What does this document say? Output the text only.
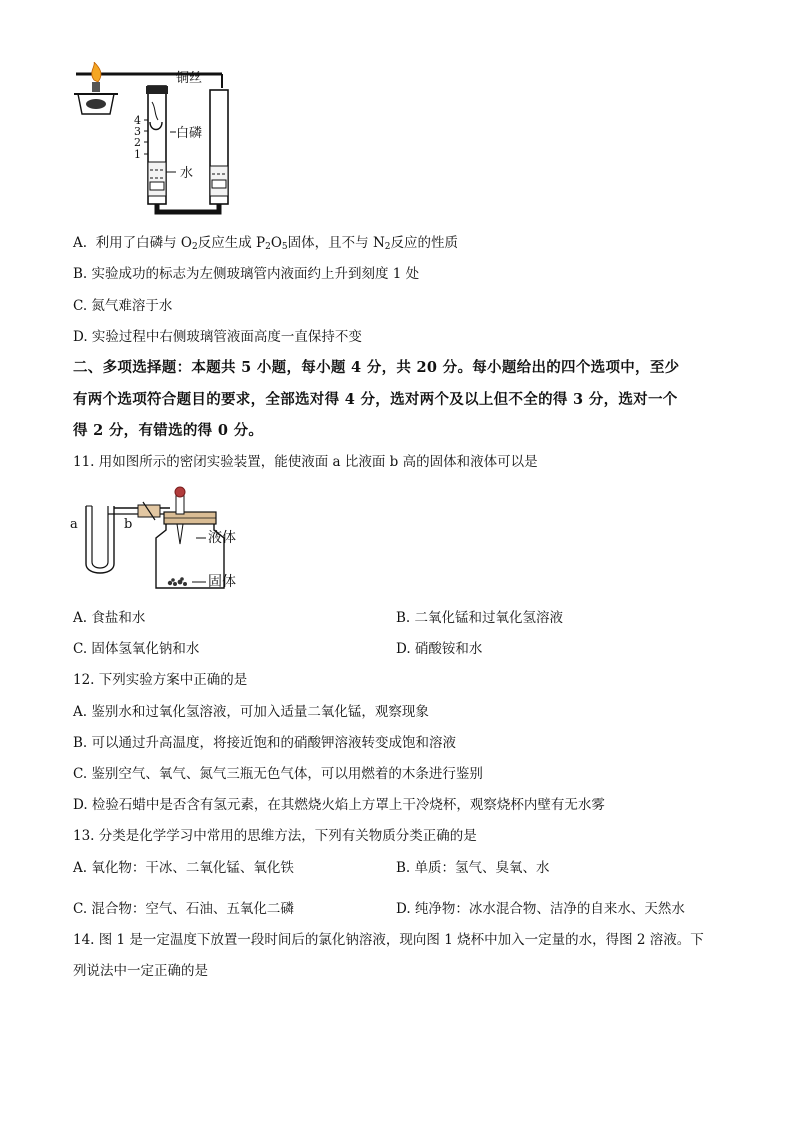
4
3
2
1
铜丝
白磷
水
A. 利用了白磷与 $O_2$反应生成 $P_2O_5$固体，且不与 $N_2$反应的性质
B. 实验成功的标志为左侧玻璃管内液面约上升到刻度 1 处
C. 氮气难溶于水
D. 实验过程中右侧玻璃管液面高度一直保持不变
二、多项选择题：本题共 5 小题，每小题 4 分，共 20 分。每小题给出的四个选项中，至少
有两个选项符合题目的要求，全部选对得 4 分，选对两个及以上但不全的得 3 分，选对一个
得 2 分，有错选的得 0 分。
11. 用如图所示的密闭实验装置，能使液面 a 比液面 b 高的固体和液体可以是
a	b
液体
固体
A. 食盐和水	B. 二氧化锰和过氧化氢溶液
C. 固体氢氧化钠和水	D. 硝酸铵和水
12. 下列实验方案中正确的是
A. 鉴别水和过氧化氢溶液，可加入适量二氧化锰，观察现象
B. 可以通过升高温度，将接近饱和的硝酸钾溶液转变成饱和溶液
C. 鉴别空气、氧气、氮气三瓶无色气体，可以用燃着的木条进行鉴别
D. 检验石蜡中是否含有氢元素，在其燃烧火焰上方罩上干冷烧杯，观察烧杯内壁有无水雾
13. 分类是化学学习中常用的思维方法，下列有关物质分类正确的是
A. 氧化物：干冰、二氧化锰、氧化铁	B. 单质：氢气、臭氧、水
C. 混合物：空气、石油、五氧化二磷	D. 纯净物：冰水混合物、洁净的自来水、天然水
14. 图 1 是一定温度下放置一段时间后的氯化钠溶液，现向图 1 烧杯中加入一定量的水，得图 2 溶液。下
列说法中一定正确的是
